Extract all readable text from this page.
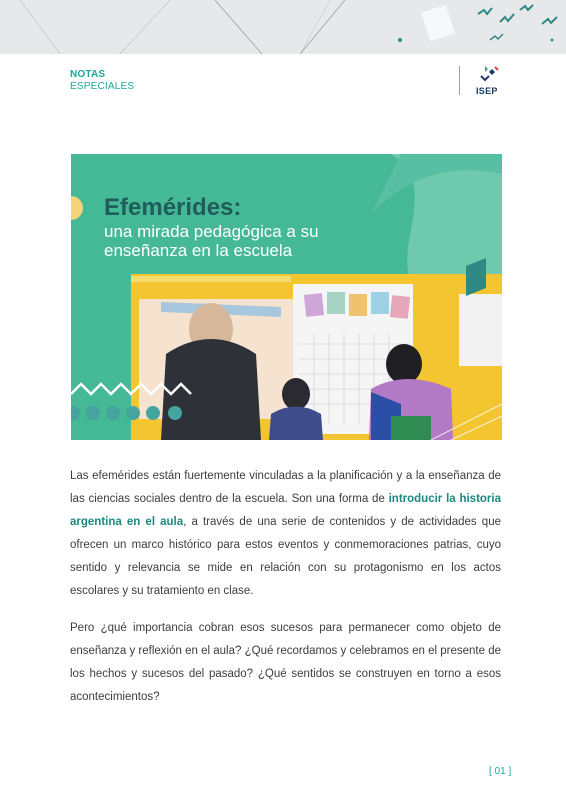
NOTAS
ESPECIALES	ISEP
Efemérides:
una mirada pedagógica a su enseñanza en la escuela

Las efemérides están fuertemente vinculadas a la planificación y a la enseñanza de las ciencias sociales dentro de la escuela. Son una forma de introducir la historia argentina en el aula, a través de una serie de contenidos y de actividades que ofrecen un marco histórico para estos eventos y conmemoraciones patrias, cuyo sentido y relevancia se mide en relación con su protagonismo en los actos escolares y su tratamiento en clase.

Pero ¿qué importancia cobran esos sucesos para permanecer como objeto de enseñanza y reflexión en el aula? ¿Qué recordamos y celebramos en el presente de los hechos y sucesos del pasado? ¿Qué sentidos se construyen en torno a esos acontecimientos?

[ 01 ]
